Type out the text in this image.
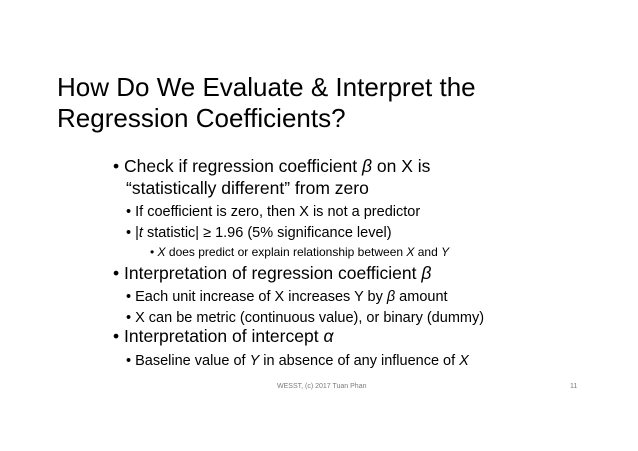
How Do We Evaluate & Interpret the
Regression Coefficients?
• Check if regression coefficient β on X is
“statistically different” from zero
• If coefficient is zero, then X is not a predictor
• |t statistic| ≥ 1.96 (5% significance level)
• X does predict or explain relationship between X and Y
• Interpretation of regression coefficient β
• Each unit increase of X increases Y by β amount
• X can be metric (continuous value), or binary (dummy)
• Interpretation of intercept α
• Baseline value of Y in absence of any influence of X
WESST, (c) 2017 Tuan Phan	11
